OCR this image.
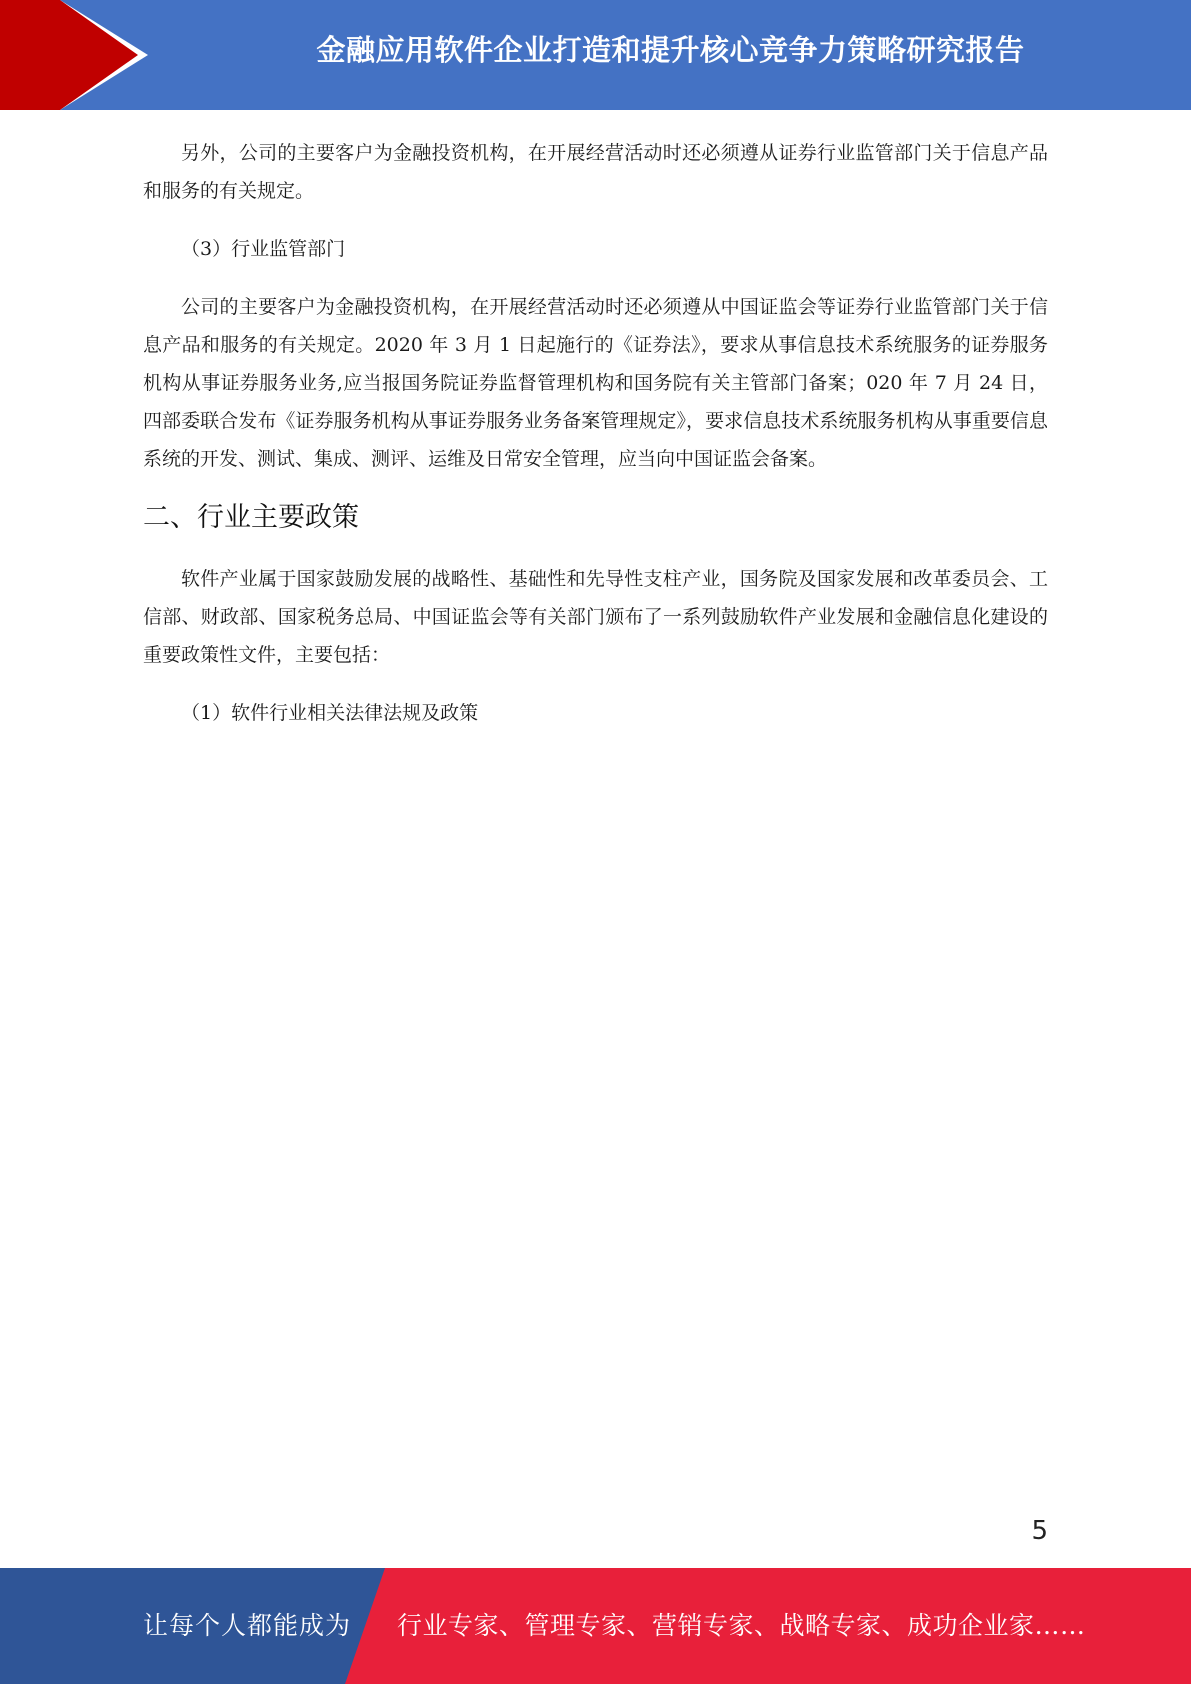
金融应用软件企业打造和提升核心竞争力策略研究报告

另外，公司的主要客户为金融投资机构，在开展经营活动时还必须遵从证券行业监管部门关于信息产品和服务的有关规定。

（3）行业监管部门

公司的主要客户为金融投资机构，在开展经营活动时还必须遵从中国证监会等证券行业监管部门关于信息产品和服务的有关规定。2020 年 3 月 1 日起施行的《证券法》，要求从事信息技术系统服务的证券服务机构从事证券服务业务,应当报国务院证券监督管理机构和国务院有关主管部门备案；020 年 7 月 24 日，四部委联合发布《证券服务机构从事证券服务业务备案管理规定》，要求信息技术系统服务机构从事重要信息系统的开发、测试、集成、测评、运维及日常安全管理，应当向中国证监会备案。

二、行业主要政策

软件产业属于国家鼓励发展的战略性、基础性和先导性支柱产业，国务院及国家发展和改革委员会、工信部、财政部、国家税务总局、中国证监会等有关部门颁布了一系列鼓励软件产业发展和金融信息化建设的重要政策性文件，主要包括：

（1）软件行业相关法律法规及政策

5
让每个人都能成为 行业专家、管理专家、营销专家、战略专家、成功企业家……
